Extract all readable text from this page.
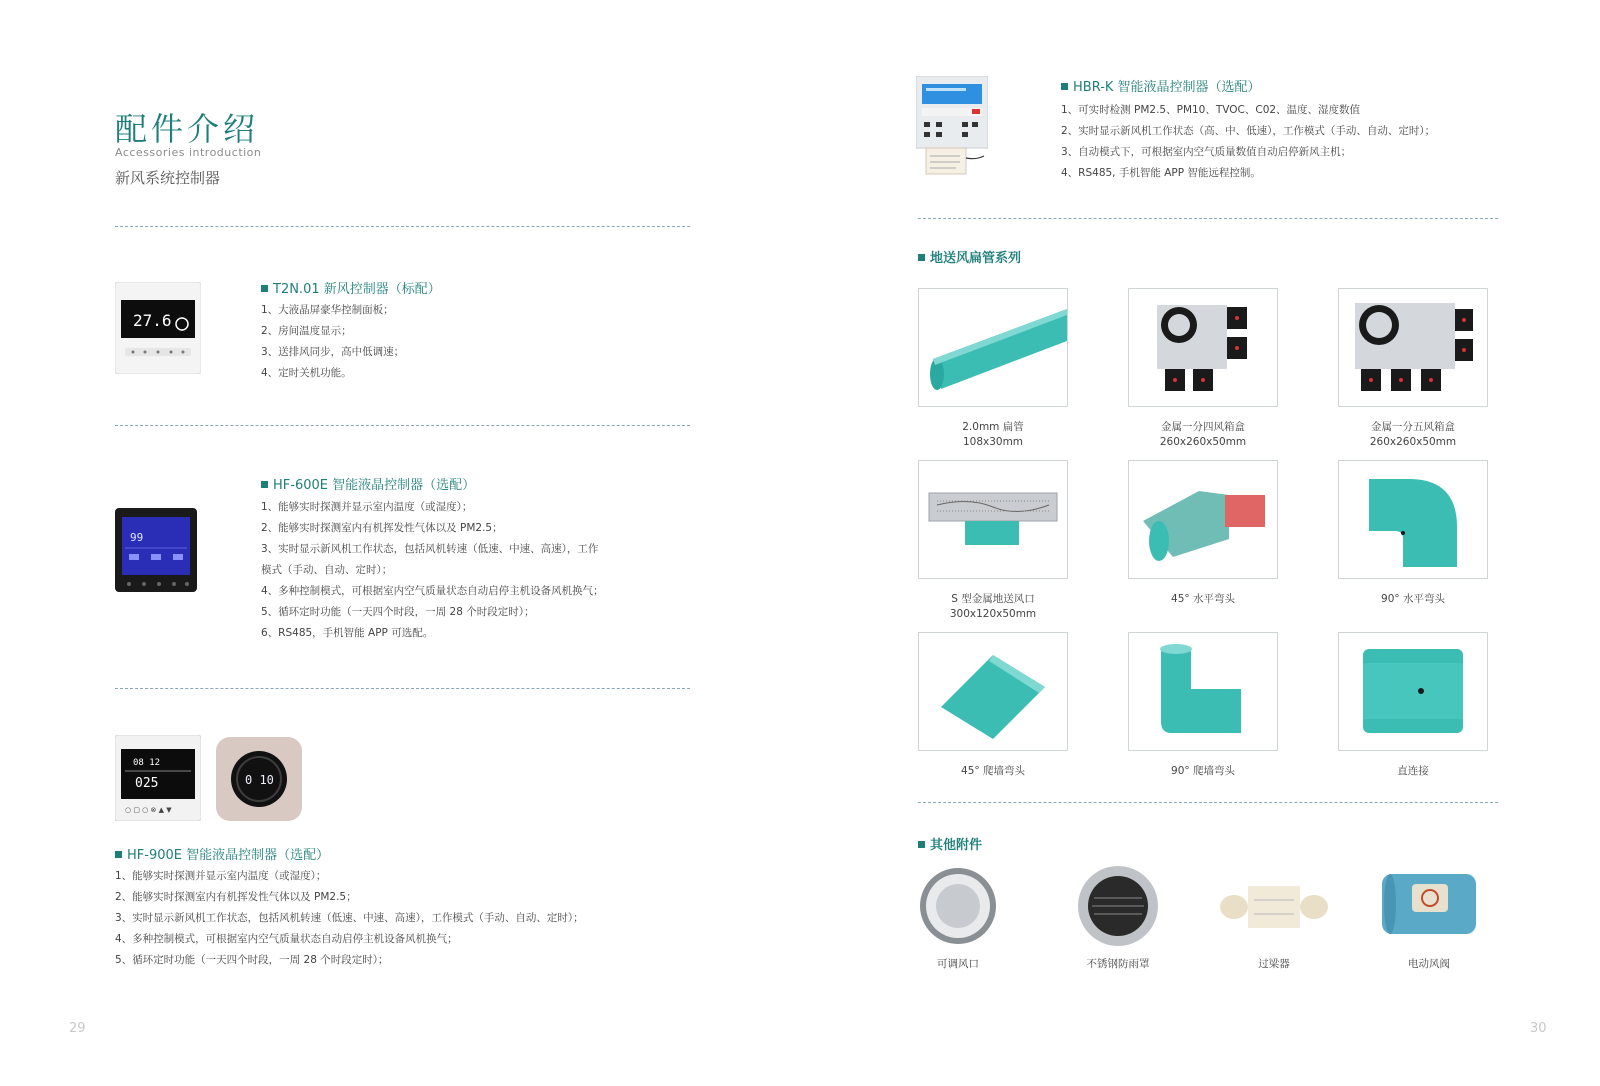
配件介绍
Accessories introduction
新风系统控制器
27.6
T2N.01 新风控制器（标配）
1、大液晶屏豪华控制面板；
2、房间温度显示；
3、送排风同步，高中低调速；
4、定时关机功能。
99
HF-600E 智能液晶控制器（选配）
1、能够实时探测并显示室内温度（或湿度）；
2、能够实时探测室内有机挥发性气体以及 PM2.5；
3、实时显示新风机工作状态，包括风机转速（低速、中速、高速），工作
模式（手动、自动、定时）；
4、多种控制模式，可根据室内空气质量状态自动启停主机设备风机换气；
5、循环定时功能（一天四个时段，一周 28 个时段定时）；
6、RS485，手机智能 APP 可选配。
08 12
025
○ ▢ ○ ⊗ ▲ ▼
0 10
HF-900E 智能液晶控制器（选配）
1、能够实时探测并显示室内温度（或湿度）；
2、能够实时探测室内有机挥发性气体以及 PM2.5；
3、实时显示新风机工作状态，包括风机转速（低速、中速、高速），工作模式（手动、自动、定时）；
4、多种控制模式，可根据室内空气质量状态自动启停主机设备风机换气；
5、循环定时功能（一天四个时段，一周 28 个时段定时）；
29
HBR-K 智能液晶控制器（选配）
1、可实时检测 PM2.5、PM10、TVOC、C02、温度、湿度数值
2、实时显示新风机工作状态（高、中、低速），工作模式（手动、自动、定时）；
3、自动模式下，可根据室内空气质量数值自动启停新风主机；
4、RS485, 手机智能 APP 智能远程控制。
地送风扁管系列
2.0mm 扁管
108x30mm
金属一分四风箱盒
260x260x50mm
金属一分五风箱盒
260x260x50mm
S 型金属地送风口
300x120x50mm
45° 水平弯头	90° 水平弯头
45° 爬墙弯头	90° 爬墙弯头	直连接
其他附件
可调风口	不锈钢防雨罩	过梁器	电动风阀
30
